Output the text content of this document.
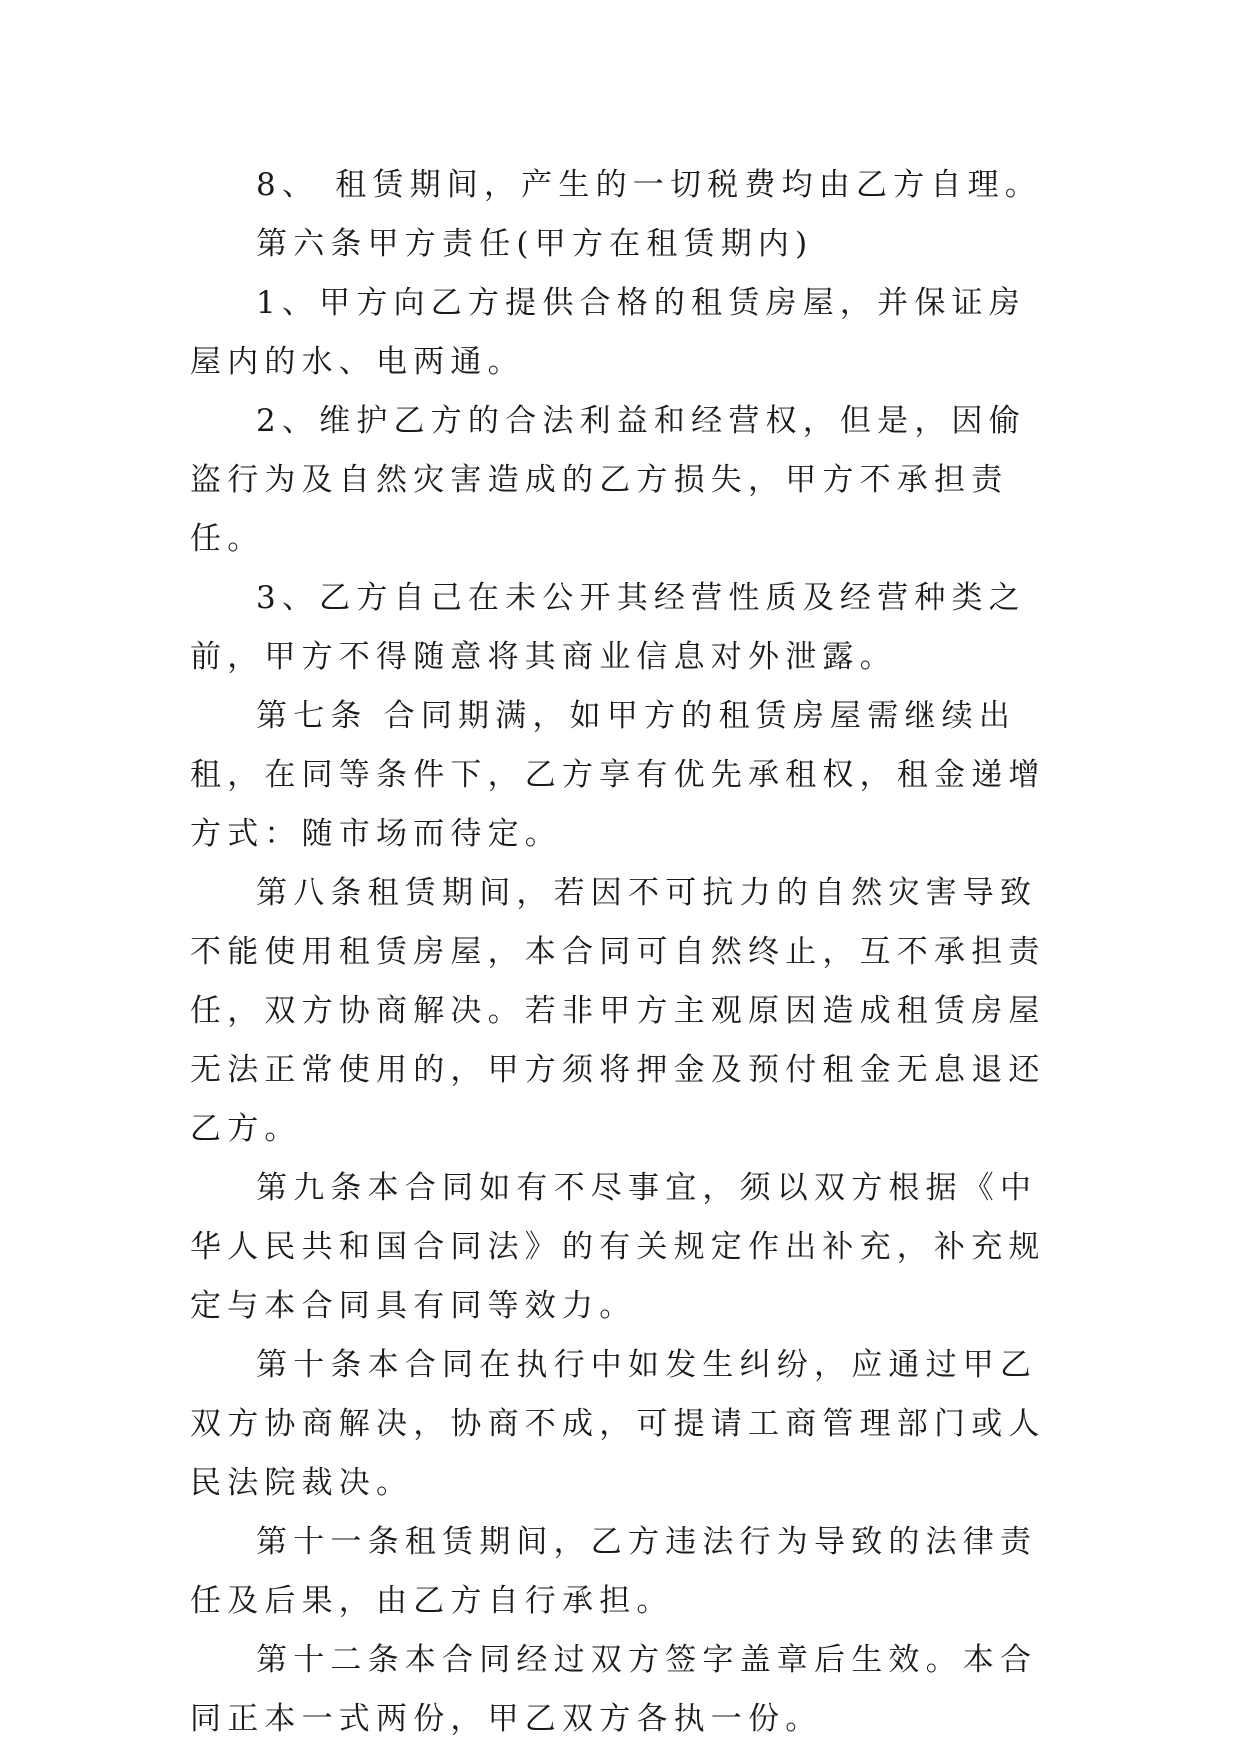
8、 租赁期间，产生的一切税费均由乙方自理。

第六条甲方责任(甲方在租赁期内)

1、甲方向乙方提供合格的租赁房屋，并保证房屋内的水、电两通。

2、维护乙方的合法利益和经营权，但是，因偷盗行为及自然灾害造成的乙方损失，甲方不承担责任。

3、乙方自己在未公开其经营性质及经营种类之前，甲方不得随意将其商业信息对外泄露。

第七条 合同期满，如甲方的租赁房屋需继续出租，在同等条件下，乙方享有优先承租权，租金递增方式：随市场而待定。

第八条租赁期间，若因不可抗力的自然灾害导致不能使用租赁房屋，本合同可自然终止，互不承担责任，双方协商解决。若非甲方主观原因造成租赁房屋无法正常使用的，甲方须将押金及预付租金无息退还乙方。

第九条本合同如有不尽事宜，须以双方根据《中华人民共和国合同法》的有关规定作出补充，补充规定与本合同具有同等效力。

第十条本合同在执行中如发生纠纷，应通过甲乙双方协商解决，协商不成，可提请工商管理部门或人民法院裁决。

第十一条租赁期间，乙方违法行为导致的法律责任及后果，由乙方自行承担。

第十二条本合同经过双方签字盖章后生效。本合同正本一式两份，甲乙双方各执一份。
